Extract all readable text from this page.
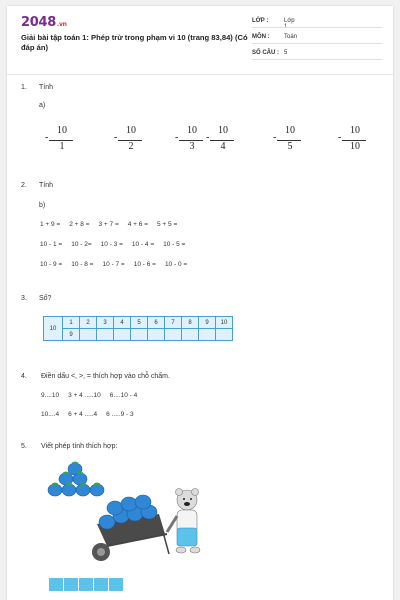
2048.vn
Giải bài tập toán 1: Phép trừ trong phạm vi 10 (trang 83,84) (Có đáp án)
LỚP :	Lớp 1
MÔN :	Toán
SỐ CÂU : 5
1. Tính
a)
10
-
1
10
-
2
10
-
3
10
-
4
10
-
5
10
-
10
2. Tính
b)
1 + 9 = 2 + 8 = 3 + 7 = 4 + 6 = 5 + 5 =
10 - 1 = 10 - 2= 10 - 3 = 10 - 4 = 10 - 5 =
10 - 9 = 10 - 8 = 10 - 7 = 10 - 6 = 10 - 0 =
3. Số?
10	1	2	3	4	5	6	7	8	9	10
	9									
4. Điền dấu <, >, = thích hợp vào chỗ chấm.
9....10 3 + 4 .....10 6....10 - 4
10....4 6 + 4 .....4 6 .....9 - 3
5. Viết phép tính thích hợp:
